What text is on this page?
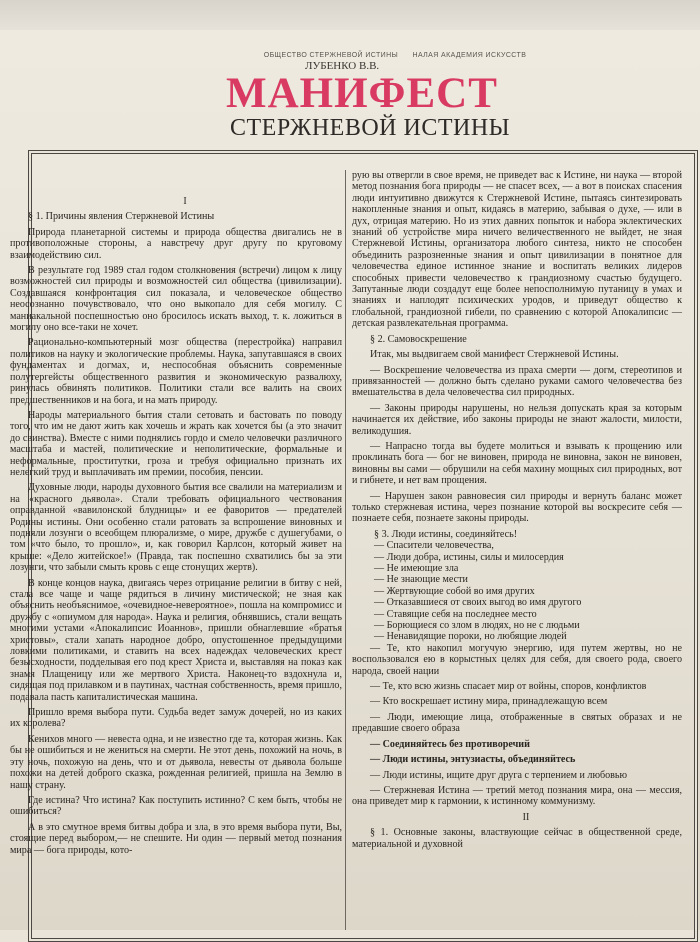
ОБЩЕСТВО СТЕРЖНЕВОЙ ИСТИНЫ НАЛАЯ АКАДЕМИЯ ИСКУССТВ
ЛУБЕНКО В.В.
МАНИФЕСТ
СТЕРЖНЕВОЙ ИСТИНЫ

I

§ 1. Причины явления Стержневой Истины

Природа планетарной системы и природа общества двигались не в противоположные стороны, а навстречу друг другу по круговому взаимодействию сил.

В результате год 1989 стал годом столкновения (встречи) лицом к лицу возможностей сил природы и возможностей сил общества (цивилизации). Создавшаяся конфронтация сил показала, и человеческое общество неосознанно почувствовало, что оно выкопало для себя могилу. С маниакальной поспешностью оно бросилось искать выход, т. к. ложиться в могилу оно все-таки не хочет.

Рационально-компьютерный мозг общества (перестройка) направил политиков на науку и экологические проблемы. Наука, запутавшаяся в своих фундаментах и догмах, и, неспособная объяснить современные полутергейсты общественного развития и экономическую развалюху, ринулась обвинять политиков. Политики стали все валить на своих предшественников и на бога, и на мать природу.

Народы материального бытия стали сетовать и бастовать по поводу того, что им не дают жить как хочешь и жрать как хочется бы (а это значит до свинства). Вместе с ними поднялись гордо и смело человечки различного масштаба и мастей, политические и неполитические, формальные и неформальные, проститутки, гроза и требуя официально признать их нелегкий труд и выплачивать им премии, пособия, пенсии.

Духовные люди, народы духовного бытия все свалили на материализм и на «красного дьявола». Стали требовать официального чествования оправданной «вавилонской блудницы» и ее фаворитов — предателей Родины истины. Они особенно стали ратовать за вспрошение виновных и подняли лозунги о всеобщем плюрализме, о мире, дружбе с душегубами, о том «что было, то прошло», и, как говорил Карлсон, который живет на крыше: «Дело житейское!» (Правда, так поспешно схватились бы за эти лозунги, что забыли смыть кровь с еще стонущих жертв).

В конце концов наука, двигаясь через отрицание религии в битву с ней, стала все чаще и чаще рядиться в личину мистической; не зная как объяснить необъяснимое, «очевидное-невероятное», пошла на компромисс и дружбу с «опиумом для народа». Наука и религия, обнявшись, стали вещать многими устами «Апокалипсис Иоаннов», пришли обнаглевшие «братья христовы», стали хапать народное добро, опустошенное предыдущими ловкими политиками, и ставить на всех надеждах человеческих крест безысходности, подделывая его под крест Христа и, выставляя на показ как знамя Плащеницу или же мертвого Христа. Наконец-то вздохнула и, сидящая под прилавком и в паутинах, частная собственность, время пришло, подавала пасть капиталистическая машина.

Пришло время выбора пути. Судьба ведет замуж дочерей, но из каких их королева?

Кенихов много — невеста одна, и не известно где та, которая жизнь. Как бы не ошибиться и не жениться на смерти. Не этот день, похожий на ночь, в эту ночь, похожую на день, что и от дьявола, невесты от дьявола больше похожи на детей доброго сказка, рожденная религией, пришла на Землю в нашу страну.

Где истина? Что истина? Как поступить истинно? С кем быть, чтобы не ошибиться?

А в это смутное время битвы добра и зла, в это время выбора пути, Вы, стоящие перед выбором,— не спешите. Ни один — первый метод познания мира — бога природы, кото-

рую вы отвергли в свое время, не приведет вас к Истине, ни наука — второй метод познания бога природы — не спасет всех, — а вот в поисках спасения люди интуитивно движутся к Стержневой Истине, пытаясь синтезировать накопленные знания и опыт, кидаясь в материю, забывая о духе, — или в дух, отрицая материю. Но из этих давних попыток и набора эклектических знаний об устройстве мира ничего величественного не выйдет, не зная Стержневой Истины, организатора любого синтеза, никто не способен объединить разрозненные знания и опыт цивилизации в понятное для человечества единое истинное знание и воспитать великих лидеров способных привести человечество к грандиозному счастью будущего. Запутанные люди создадут еще более непосполнимую путаницу в умах и знаниях и наплодят психических уродов, и приведут общество к глобальной, грандиозной гибели, по сравнению с которой Апокалипсис — детская развлекательная программа.

§ 2. Самовоскрешение

Итак, мы выдвигаем свой манифест Стержневой Истины.

— Воскрешение человечества из праха смерти — догм, стереотипов и привязанностей — должно быть сделано руками самого человечества без вмешательства в дела человечества сил природных.

— Законы природы нарушены, но нельзя допускать края за которым начинается их действие, ибо законы природы не знают жалости, милости, великодушия.

— Напрасно тогда вы будете молиться и взывать к прощению или проклинать бога — бог не виновен, природа не виновна, закон не виновен, виновны вы сами — обрушили на себя махину мощных сил природных, вот и гибнете, и нет вам прощения.

— Нарушен закон равновесия сил природы и вернуть баланс может только стержневая истина, через познание которой вы воскресите себя — познаете себя, познаете законы природы.

§ 3. Люди истины, соединяйтесь!
— Спасители человечества,
— Люди добра, истины, силы и милосердия
— Не имеющие зла
— Не знающие мести
— Жертвующие собой во имя других
— Отказавшиеся от своих выгод во имя другого
— Ставящие себя на последнее место
— Борющиеся со злом в людях, но не с людьми
— Ненавидящие пороки, но любящие людей

— Те, кто накопил могучую энергию, идя путем жертвы, но не воспользовался ею в корыстных целях для себя, для своего рода, своего народа, своей нации

— Те, кто всю жизнь спасает мир от войны, споров, конфликтов

— Кто воскрешает истину мира, принадлежащую всем

— Люди, имеющие лица, отображенные в святых образах и не предавшие своего образа

— Соединяйтесь без противоречий

— Люди истины, энтузиасты, объединяйтесь

— Люди истины, ищите друг друга с терпением и любовью

— Стержневая Истина — третий метод познания мира, она — мессия, она приведет мир к гармонии, к истинному коммунизму.

II

§ 1. Основные законы, властвующие сейчас в общественной среде, материальной и духовной
